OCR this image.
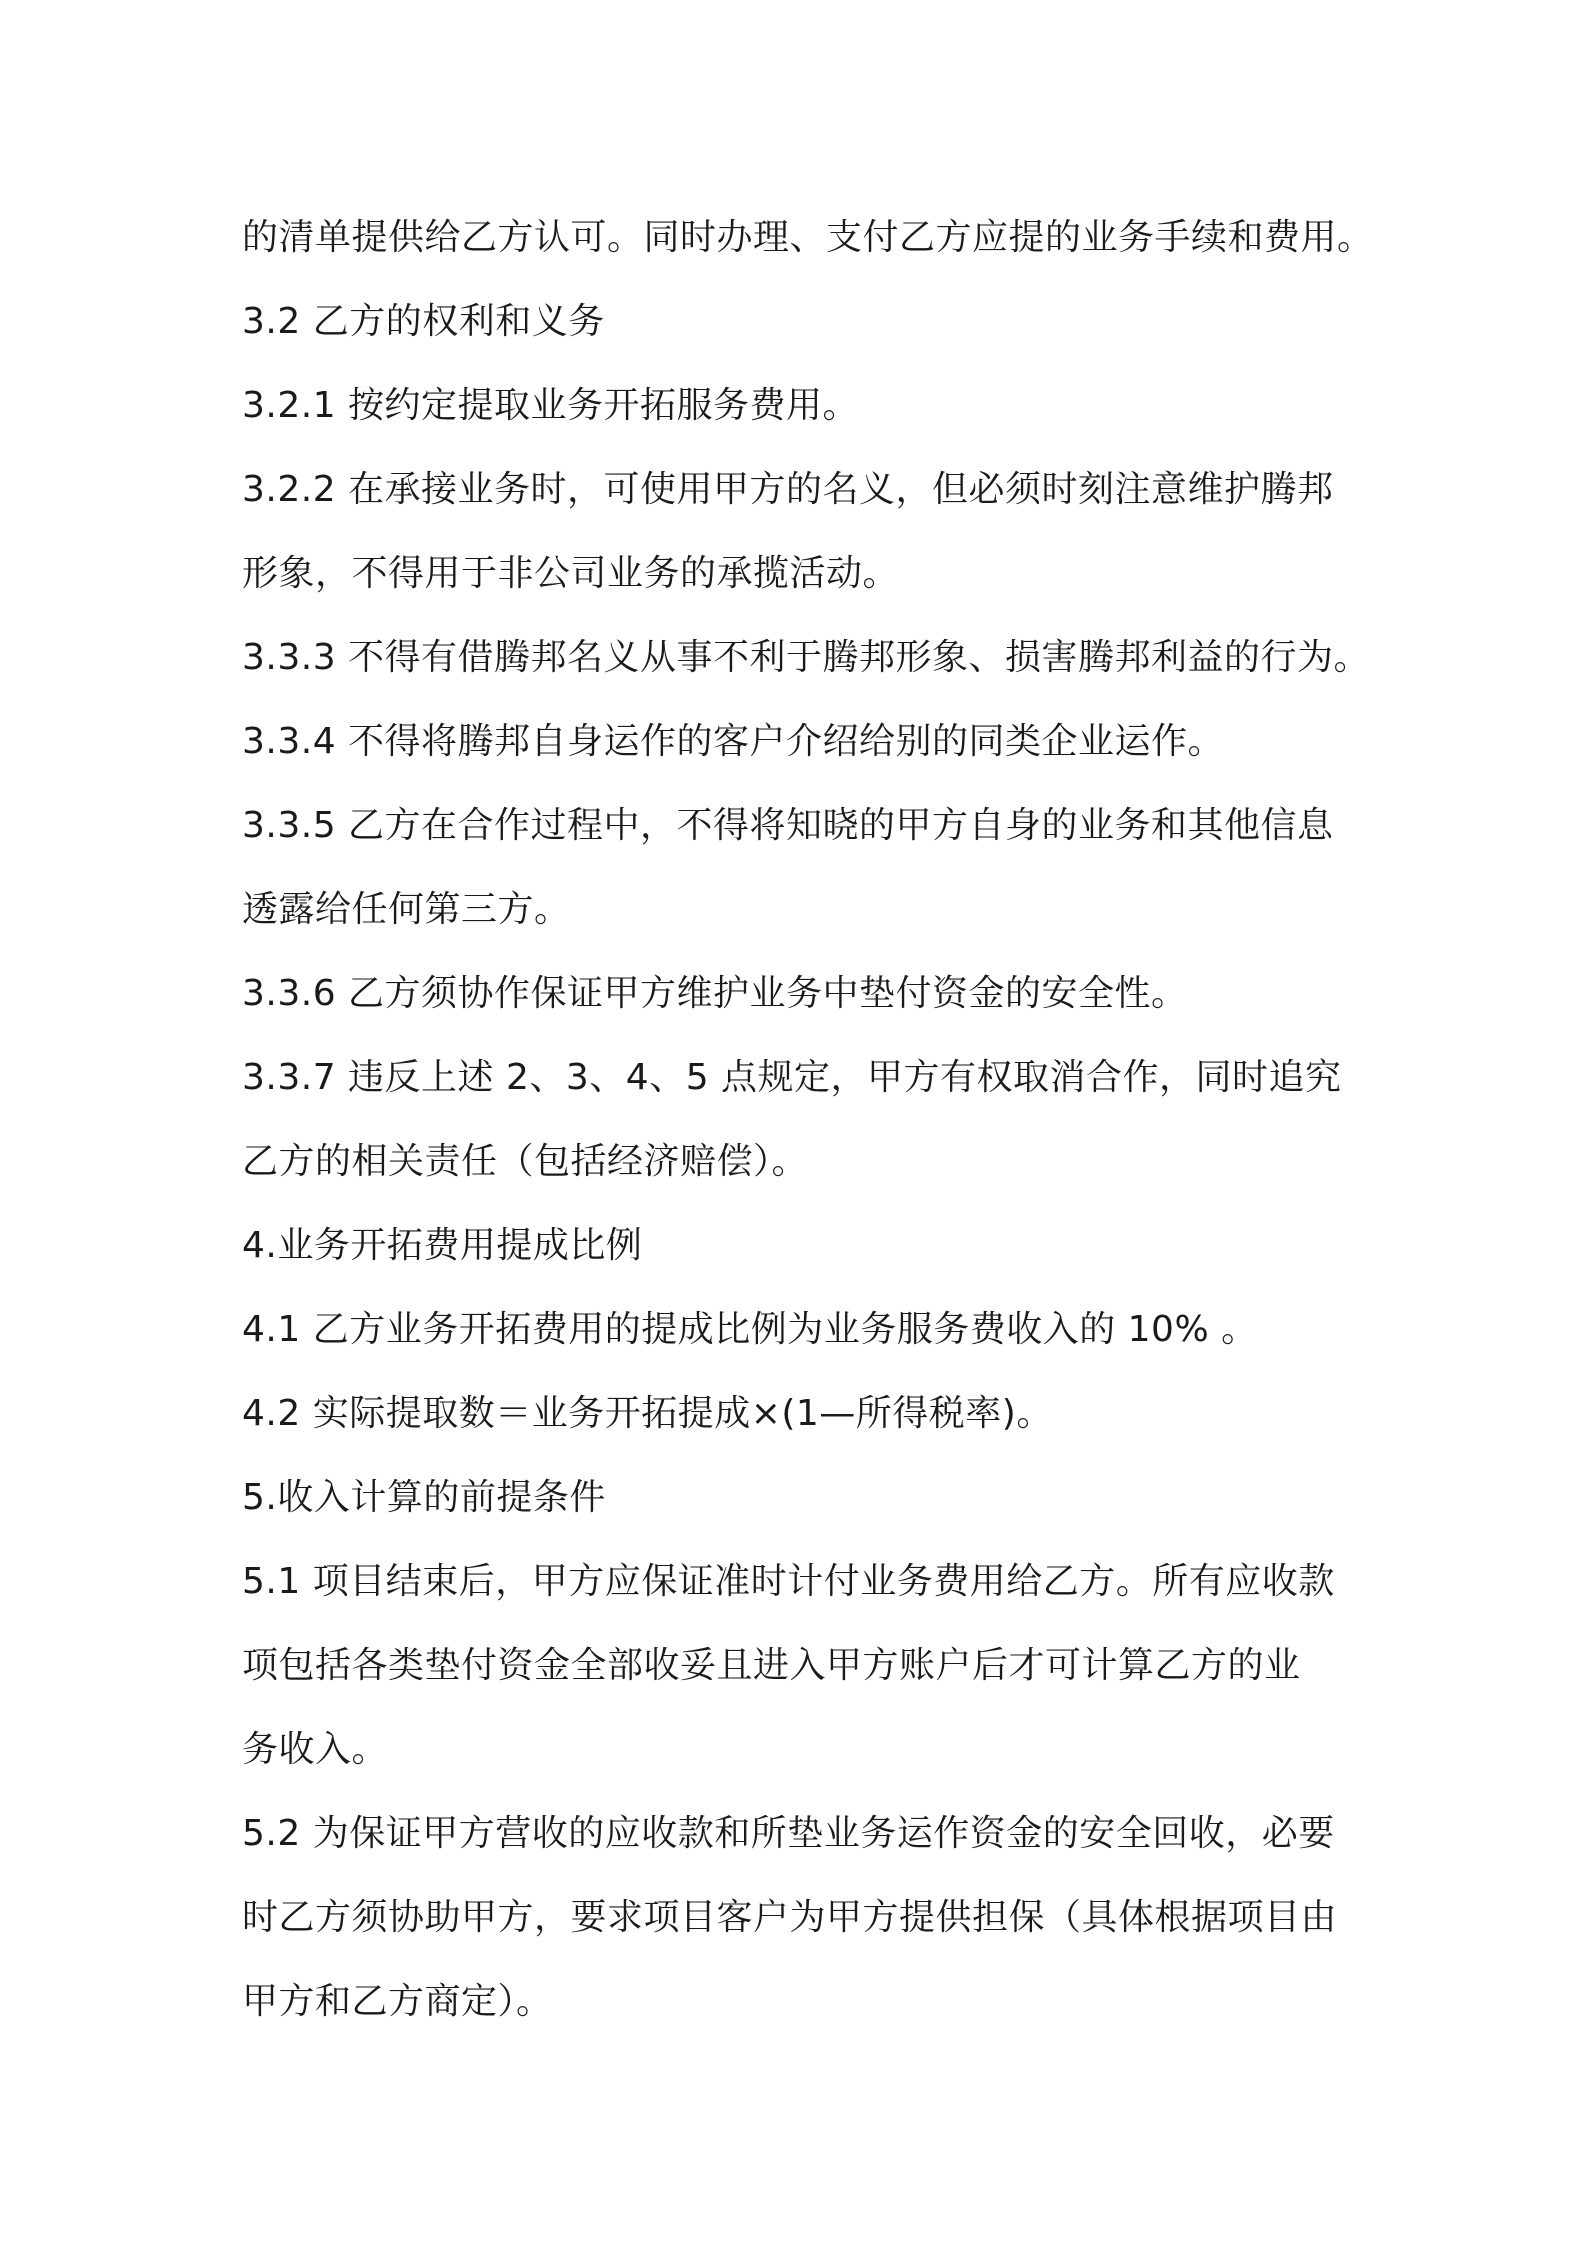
的清单提供给乙方认可。同时办理、支付乙方应提的业务手续和费用。
3.2 乙方的权利和义务
3.2.1 按约定提取业务开拓服务费用。
3.2.2 在承接业务时，可使用甲方的名义，但必须时刻注意维护腾邦
形象，不得用于非公司业务的承揽活动。
3.3.3 不得有借腾邦名义从事不利于腾邦形象、损害腾邦利益的行为。
3.3.4 不得将腾邦自身运作的客户介绍给别的同类企业运作。
3.3.5 乙方在合作过程中，不得将知晓的甲方自身的业务和其他信息
透露给任何第三方。
3.3.6 乙方须协作保证甲方维护业务中垫付资金的安全性。
3.3.7 违反上述 2、3、4、5 点规定，甲方有权取消合作，同时追究
乙方的相关责任（包括经济赔偿）。
4.业务开拓费用提成比例
4.1 乙方业务开拓费用的提成比例为业务服务费收入的 10% 。
4.2 实际提取数＝业务开拓提成×(1—所得税率)。
5.收入计算的前提条件
5.1 项目结束后，甲方应保证准时计付业务费用给乙方。所有应收款
项包括各类垫付资金全部收妥且进入甲方账户后才可计算乙方的业
务收入。
5.2 为保证甲方营收的应收款和所垫业务运作资金的安全回收，必要
时乙方须协助甲方，要求项目客户为甲方提供担保（具体根据项目由
甲方和乙方商定）。
